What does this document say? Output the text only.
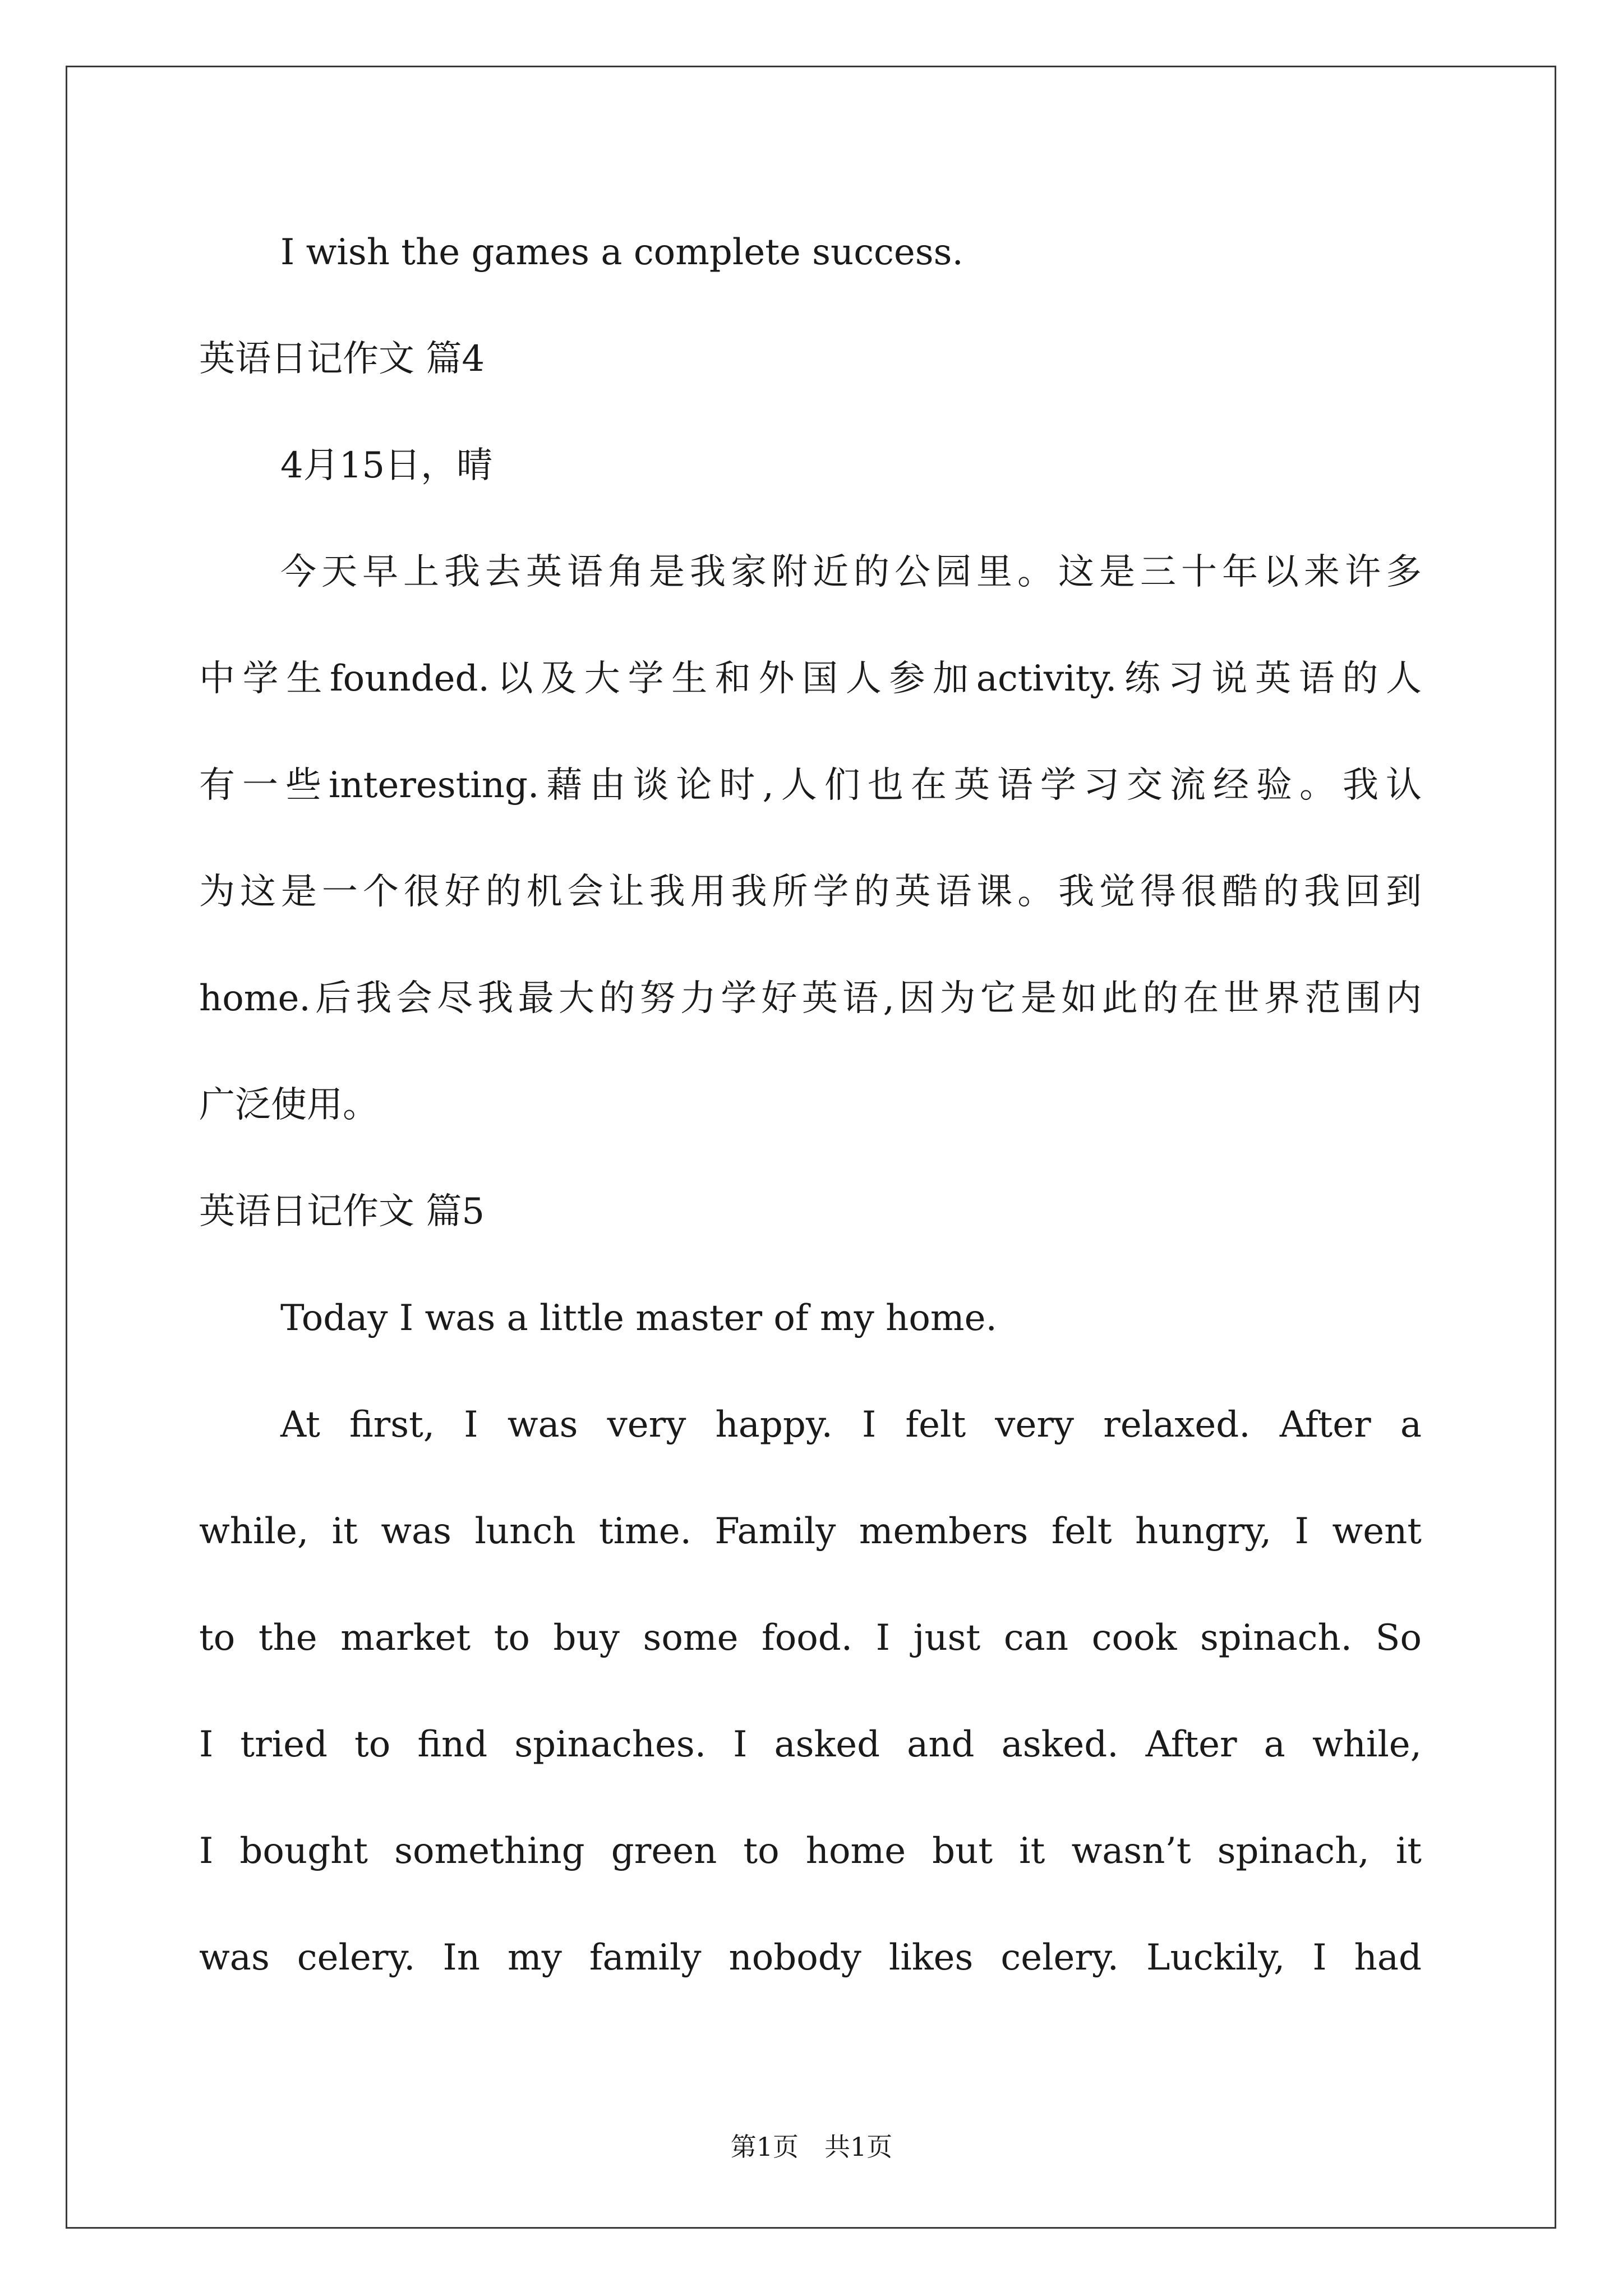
I wish the games a complete success.

英语日记作文 篇4

4月15日，晴

今天早上我去英语角是我家附近的公园里。这是三十年以来许多

中学生founded.以及大学生和外国人参加activity.练习说英语的人

有一些interesting.藉由谈论时,人们也在英语学习交流经验。我认

为这是一个很好的机会让我用我所学的英语课。我觉得很酷的我回到

home.后我会尽我最大的努力学好英语,因为它是如此的在世界范围内

广泛使用。

英语日记作文 篇5

Today I was a little master of my home.

At first, I was very happy. I felt very relaxed. After a

while, it was lunch time. Family members felt hungry, I went

to the market to buy some food. I just can cook spinach. So

I tried to find spinaches. I asked and asked. After a while,

I bought something green to home but it wasn’t spinach, it

was celery. In my family nobody likes celery. Luckily, I had

第1页　共1页
